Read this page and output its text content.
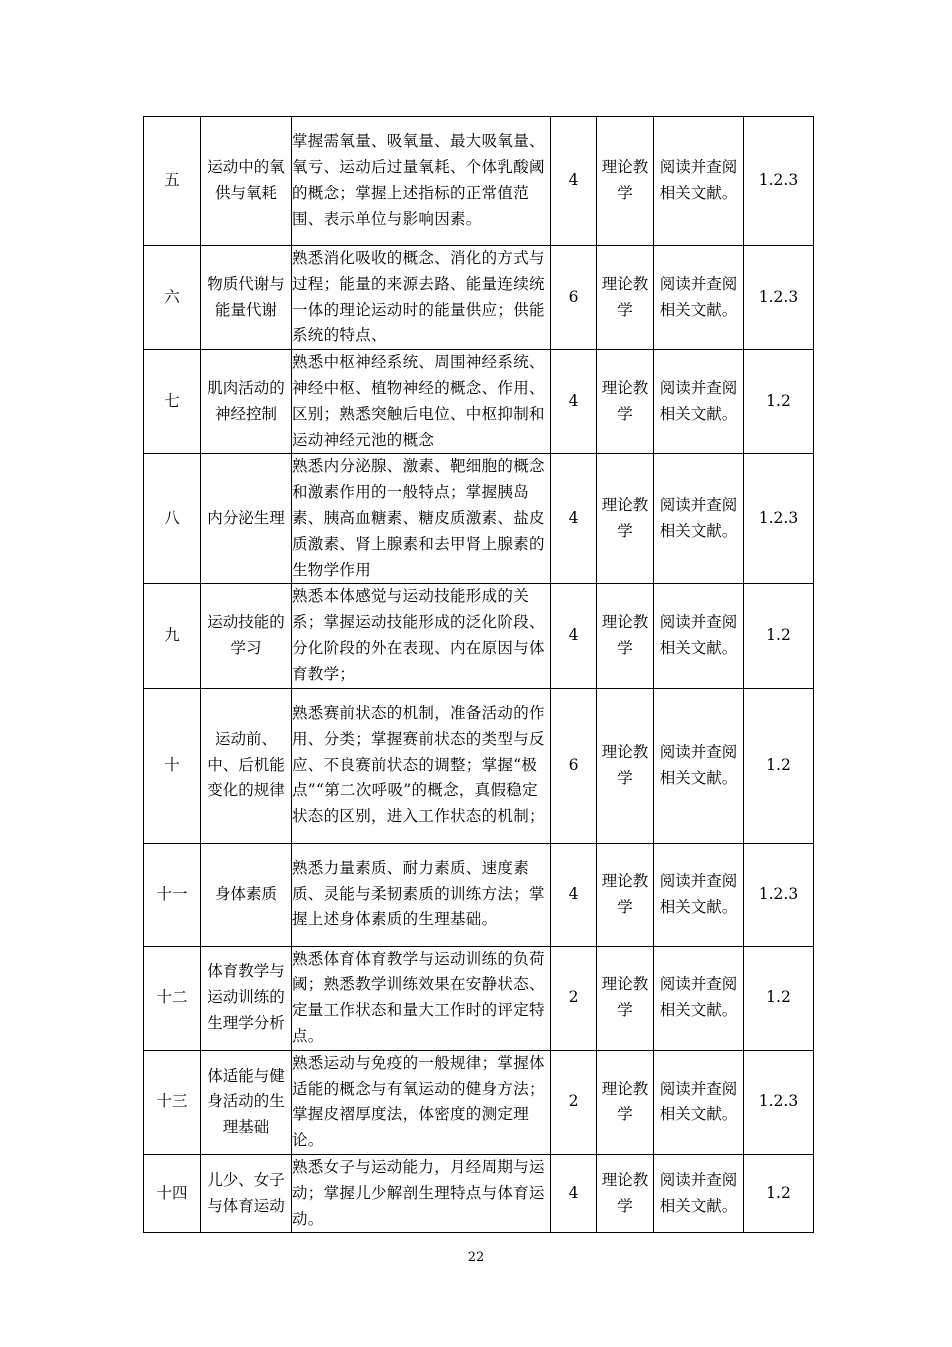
五	运动中的氧供与氧耗	掌握需氧量、吸氧量、最大吸氧量、氧亏、运动后过量氧耗、个体乳酸阈的概念；掌握上述指标的正常值范围、表示单位与影响因素。	4	理论教学	阅读并查阅相关文献。	1.2.3
六	物质代谢与能量代谢	熟悉消化吸收的概念、消化的方式与过程；能量的来源去路、能量连续统一体的理论运动时的能量供应；供能系统的特点、	6	理论教学	阅读并查阅相关文献。	1.2.3
七	肌肉活动的神经控制	熟悉中枢神经系统、周围神经系统、神经中枢、植物神经的概念、作用、区别；熟悉突触后电位、中枢抑制和运动神经元池的概念	4	理论教学	阅读并查阅相关文献。	1.2
八	内分泌生理	熟悉内分泌腺、激素、靶细胞的概念和激素作用的一般特点；掌握胰岛素、胰高血糖素、糖皮质激素、盐皮质激素、肾上腺素和去甲肾上腺素的生物学作用	4	理论教学	阅读并查阅相关文献。	1.2.3
九	运动技能的学习	熟悉本体感觉与运动技能形成的关系；掌握运动技能形成的泛化阶段、分化阶段的外在表现、内在原因与体育教学；	4	理论教学	阅读并查阅相关文献。	1.2
十	运动前、中、后机能变化的规律	熟悉赛前状态的机制，准备活动的作用、分类；掌握赛前状态的类型与反应、不良赛前状态的调整；掌握“极点”“第二次呼吸”的概念，真假稳定状态的区别，进入工作状态的机制；	6	理论教学	阅读并查阅相关文献。	1.2
十一	身体素质	熟悉力量素质、耐力素质、速度素质、灵能与柔韧素质的训练方法；掌握上述身体素质的生理基础。	4	理论教学	阅读并查阅相关文献。	1.2.3
十二	体育教学与运动训练的生理学分析	熟悉体育体育教学与运动训练的负荷阈；熟悉教学训练效果在安静状态、定量工作状态和量大工作时的评定特点。	2	理论教学	阅读并查阅相关文献。	1.2
十三	体适能与健身活动的生理基础	熟悉运动与免疫的一般规律；掌握体适能的概念与有氧运动的健身方法；掌握皮褶厚度法，体密度的测定理论。	2	理论教学	阅读并查阅相关文献。	1.2.3
十四	儿少、女子与体育运动	熟悉女子与运动能力，月经周期与运动；掌握儿少解剖生理特点与体育运动。	4	理论教学	阅读并查阅相关文献。	1.2
22
